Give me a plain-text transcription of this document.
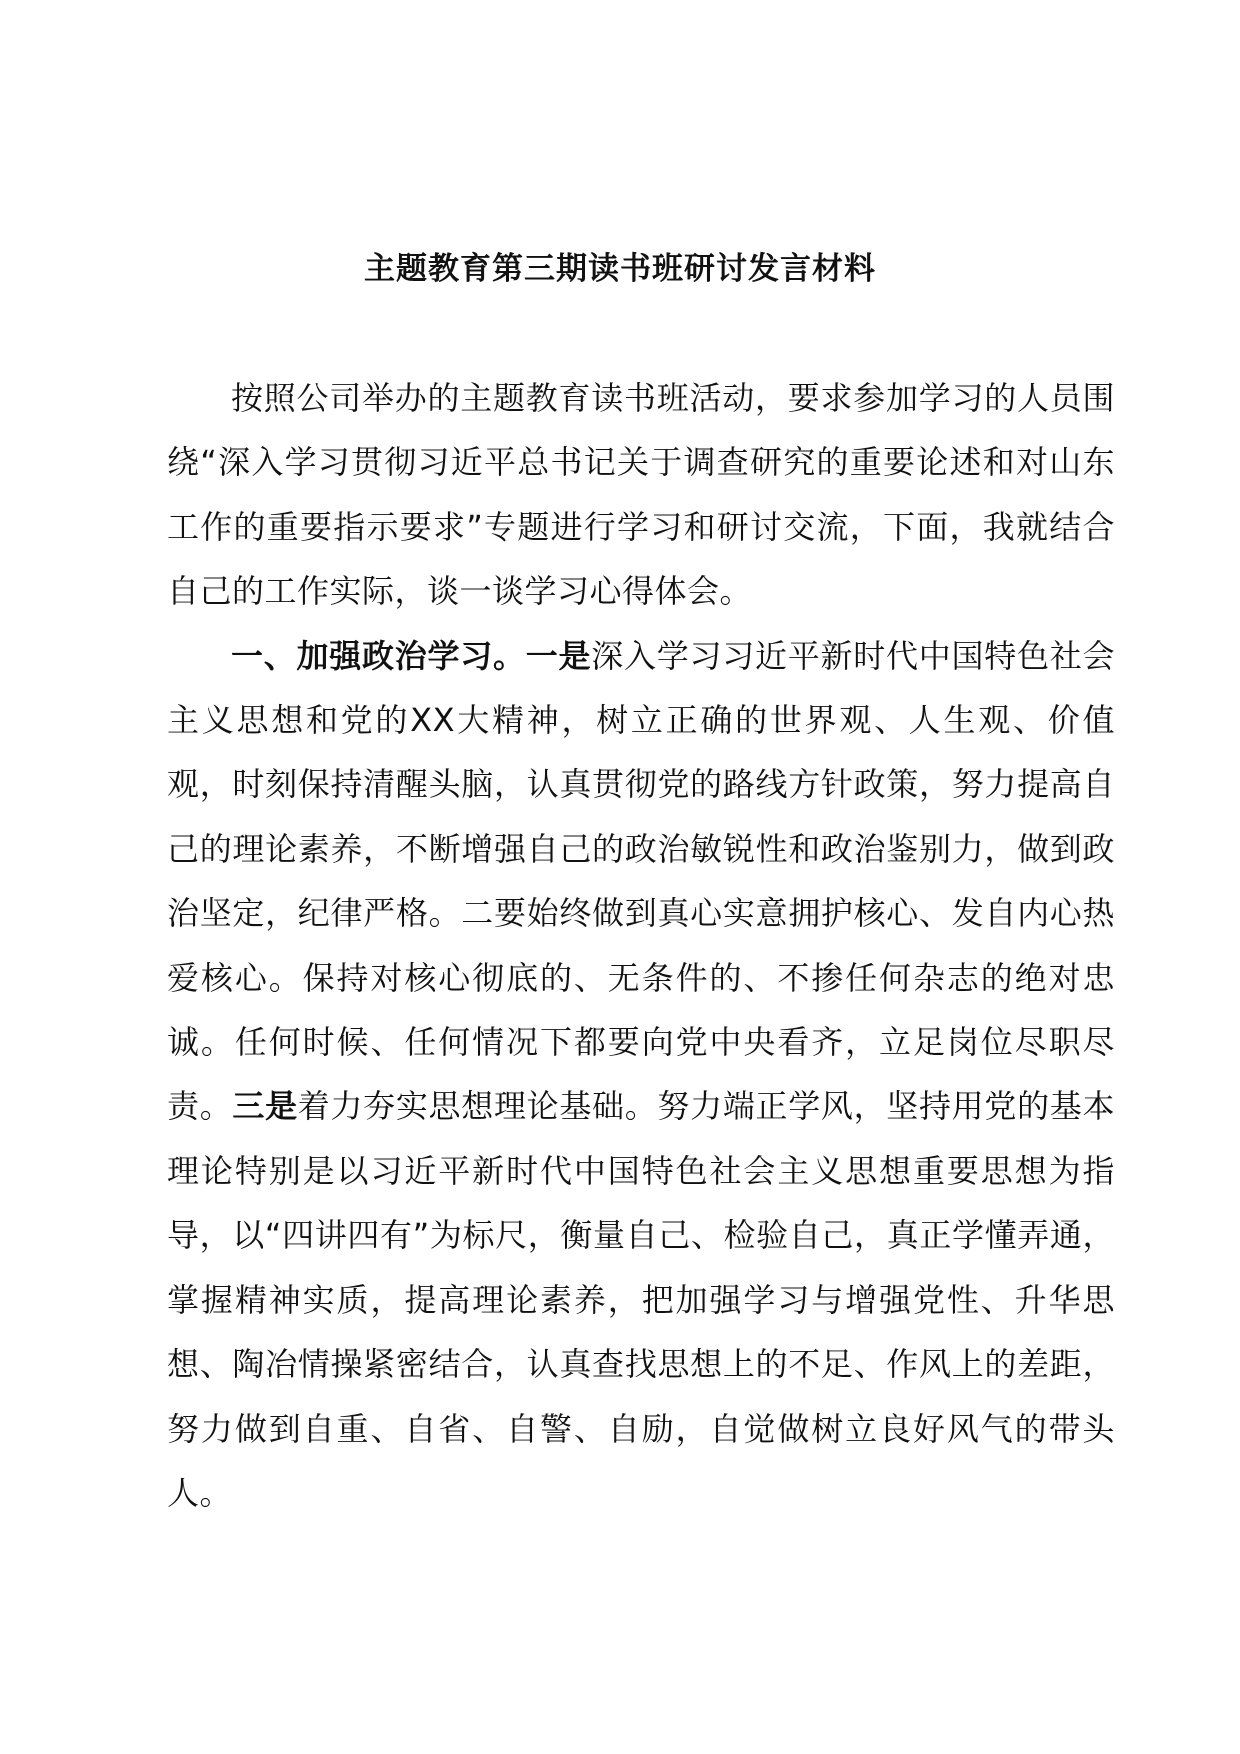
主题教育第三期读书班研讨发言材料

按照公司举办的主题教育读书班活动，要求参加学习的人员围绕“深入学习贯彻习近平总书记关于调查研究的重要论述和对山东工作的重要指示要求”专题进行学习和研讨交流，下面，我就结合自己的工作实际，谈一谈学习心得体会。

一、加强政治学习。一是深入学习习近平新时代中国特色社会主义思想和党的XX大精神，树立正确的世界观、人生观、价值观，时刻保持清醒头脑，认真贯彻党的路线方针政策，努力提高自己的理论素养，不断增强自己的政治敏锐性和政治鉴别力，做到政治坚定，纪律严格。二要始终做到真心实意拥护核心、发自内心热爱核心。保持对核心彻底的、无条件的、不掺任何杂志的绝对忠诚。任何时候、任何情况下都要向党中央看齐，立足岗位尽职尽责。三是着力夯实思想理论基础。努力端正学风，坚持用党的基本理论特别是以习近平新时代中国特色社会主义思想重要思想为指导，以“四讲四有”为标尺，衡量自己、检验自己，真正学懂弄通，掌握精神实质，提高理论素养，把加强学习与增强党性、升华思想、陶冶情操紧密结合，认真查找思想上的不足、作风上的差距，努力做到自重、自省、自警、自励，自觉做树立良好风气的带头人。
